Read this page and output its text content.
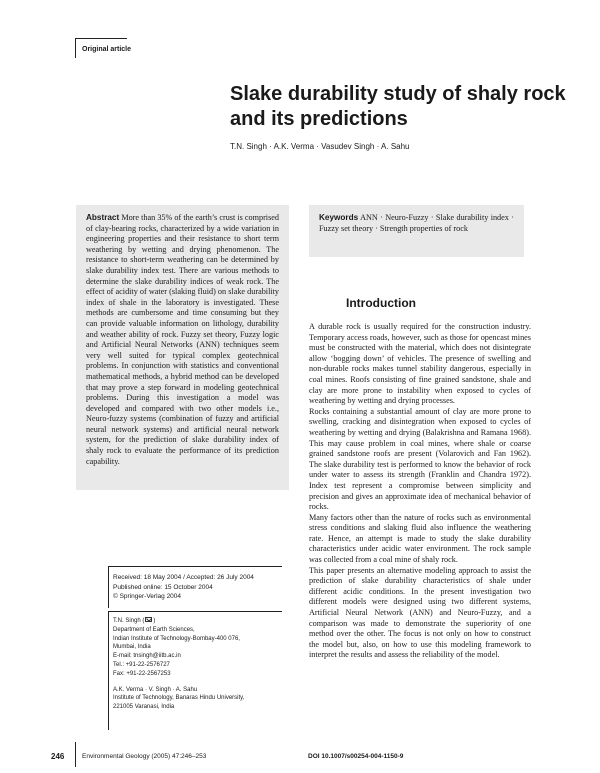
Original article
Slake durability study of shaly rock
and its predictions
T.N. Singh · A.K. Verma · Vasudev Singh · A. Sahu
Abstract More than 35% of the earth’s crust is comprised of clay-bearing rocks, characterized by a wide variation in engineering properties and their resistance to short term weathering by wetting and drying phenomenon. The resistance to short-term weathering can be determined by slake durability index test. There are various methods to determine the slake durability indices of weak rock. The effect of acidity of water (slaking fluid) on slake durability index of shale in the laboratory is investigated. These methods are cumbersome and time consuming but they can provide valuable information on lithology, durability and weather ability of rock. Fuzzy set theory, Fuzzy logic and Artificial Neural Networks (ANN) techniques seem very well suited for typical complex geotechnical problems. In conjunction with statistics and conventional mathematical methods, a hybrid method can be developed that may prove a step forward in modeling geotechnical problems. During this investigation a model was developed and compared with two other models i.e., Neuro-fuzzy systems (combination of fuzzy and artificial neural network systems) and artificial neural network system, for the prediction of slake durability index of shaly rock to evaluate the performance of its prediction capability.
Keywords ANN · Neuro-Fuzzy · Slake durability index · Fuzzy set theory · Strength properties of rock
Introduction

A durable rock is usually required for the construction industry. Temporary access roads, however, such as those for opencast mines must be constructed with the material, which does not disintegrate allow ‘bogging down’ of vehicles. The presence of swelling and non-durable rocks makes tunnel stability dangerous, especially in coal mines. Roofs consisting of fine grained sandstone, shale and clay are more prone to instability when exposed to cycles of weathering by wetting and drying processes.

Rocks containing a substantial amount of clay are more prone to swelling, cracking and disintegration when exposed to cycles of weathering by wetting and drying (Balakrishna and Ramana 1968). This may cause problem in coal mines, where shale or coarse grained sandstone roofs are present (Volarovich and Fan 1962). The slake durability test is performed to know the behavior of rock under water to assess its strength (Franklin and Chandra 1972). Index test represent a compromise between simplicity and precision and gives an approximate idea of mechanical behavior of rocks.

Many factors other than the nature of rocks such as environmental stress conditions and slaking fluid also influence the weathering rate. Hence, an attempt is made to study the slake durability characteristics under acidic water environment. The rock sample was collected from a coal mine of shaly rock.

This paper presents an alternative modeling approach to assist the prediction of slake durability characteristics of shale under different acidic conditions. In the present investigation two different models were designed using two different systems, Artificial Neural Network (ANN) and Neuro-Fuzzy, and a comparison was made to demonstrate the superiority of one method over the other. The focus is not only on how to construct the model but, also, on how to use this modeling framework to interpret the results and assess the reliability of the model.

Received: 18 May 2004 / Accepted: 26 July 2004
Published online: 15 October 2004
© Springer-Verlag 2004
T.N. Singh ( )
Department of Earth Sciences,
Indian Institute of Technology-Bombay-400 076,
Mumbai, India
E-mail: tnsingh@iitb.ac.in
Tel.: +91-22-2576727
Fax: +91-22-2567253
A.K. Verma · V. Singh · A. Sahu
Institute of Technology, Banaras Hindu University,
221005 Varanasi, India
246	Environmental Geology (2005) 47:246–253	DOI 10.1007/s00254-004-1150-9
